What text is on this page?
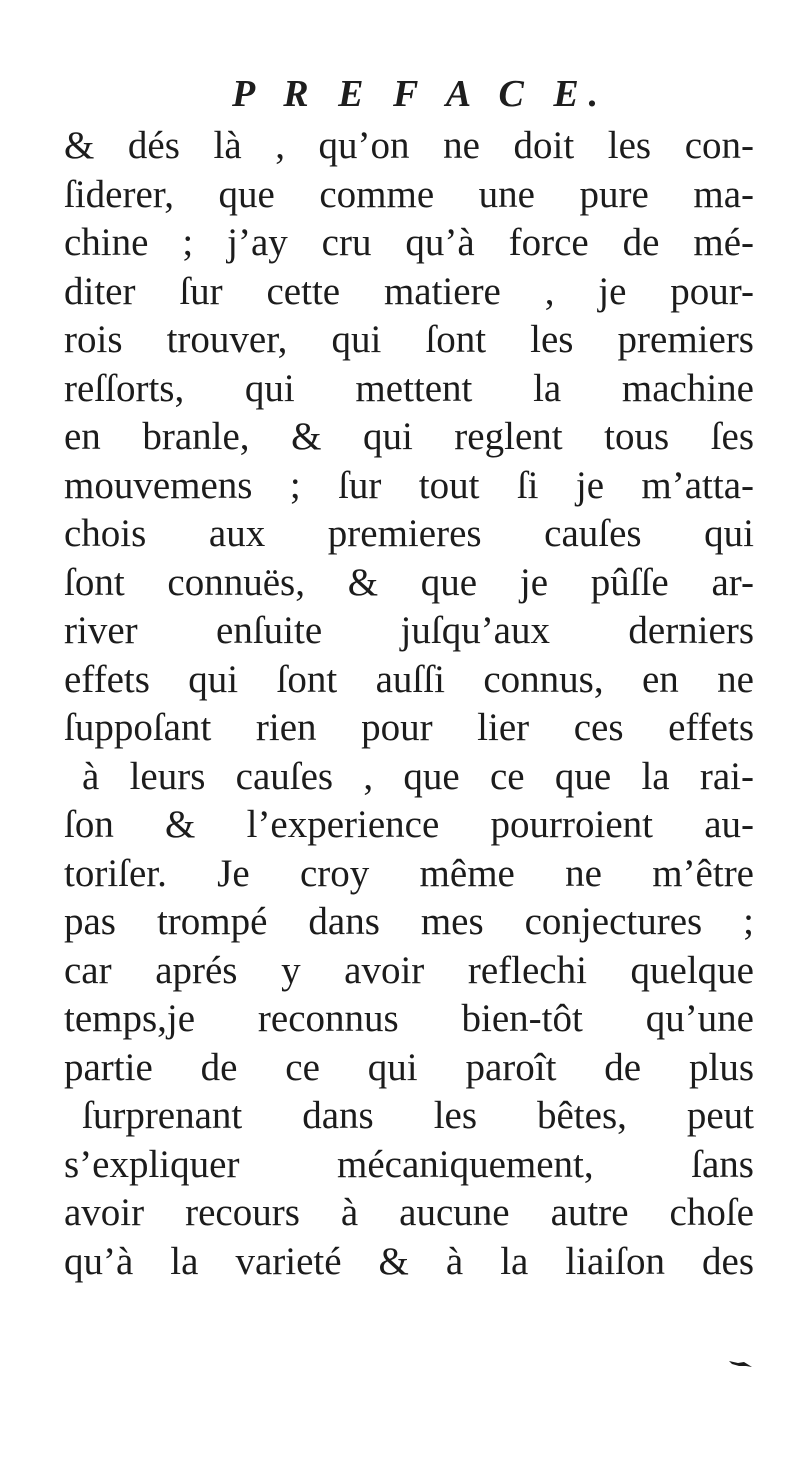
P R E F A C E.
& dés là , qu’on ne doit les con-
ſiderer, que comme une pure ma-
chine ; j’ay cru qu’à force de mé-
diter ſur cette matiere , je pour-
rois trouver, qui ſont les premiers
reſſorts, qui mettent la machine
en branle, & qui reglent tous ſes
mouvemens ; ſur tout ſi je m’atta-
chois aux premieres cauſes qui
ſont connuës, & que je pûſſe ar-
river enſuite juſqu’aux derniers
effets qui ſont auſſi connus, en ne
ſuppoſant rien pour lier ces effets
à leurs cauſes , que ce que la rai-
ſon & l’experience pourroient au-
toriſer. Je croy même ne m’être
pas trompé dans mes conjectures ;
car aprés y avoir reflechi quelque
temps,je reconnus bien-tôt qu’une
partie de ce qui paroît de plus
ſurprenant dans les bêtes, peut
s’expliquer mécaniquement, ſans
avoir recours à aucune autre choſe
qu’à la varieté & à la liaiſon des
